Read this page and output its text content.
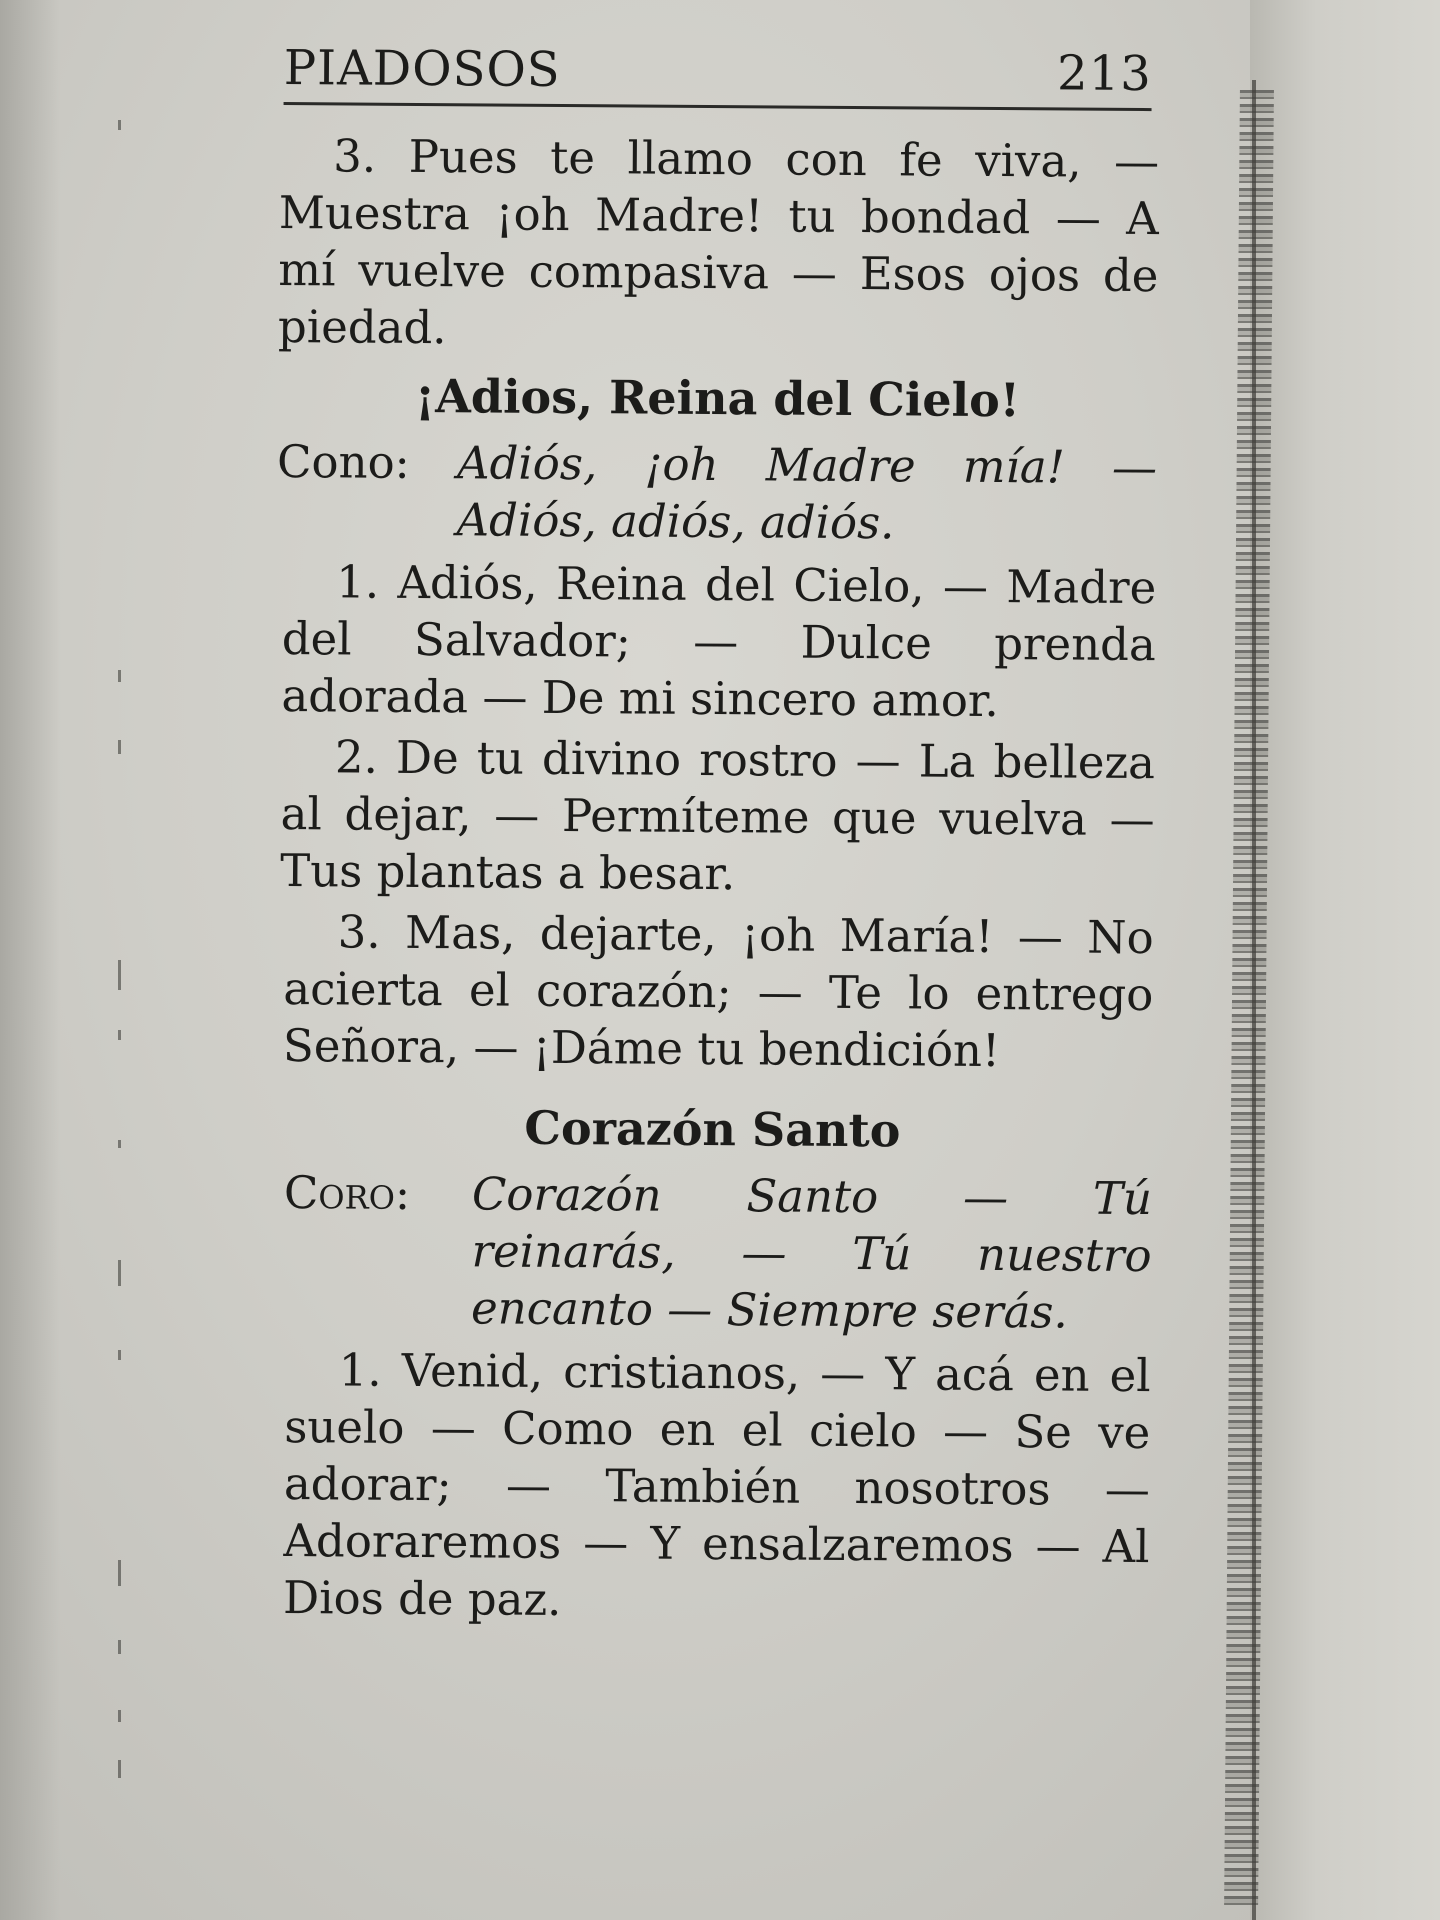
PIADOSOS	213

3. Pues te llamo con fe viva, — Muestra ¡oh Madre! tu bondad — A mí vuelve compasiva — Esos ojos de piedad.

¡Adios, Reina del Cielo!
Cono:	Adiós, ¡oh Madre mía! — Adiós, adiós, adiós.

1. Adiós, Reina del Cielo, — Madre del Salvador; — Dulce prenda adorada — De mi sincero amor.

2. De tu divino rostro — La belleza al dejar, — Permíteme que vuelva — Tus plantas a besar.

3. Mas, dejarte, ¡oh María! — No acierta el corazón; — Te lo entrego Señora, — ¡Dáme tu bendición!

Corazón Santo
Coro:	Corazón Santo — Tú reinarás, — Tú nuestro encanto — Siempre serás.

1. Venid, cristianos, — Y acá en el suelo — Como en el cielo — Se ve adorar; — También nosotros — Adoraremos — Y ensalzaremos — Al Dios de paz.
